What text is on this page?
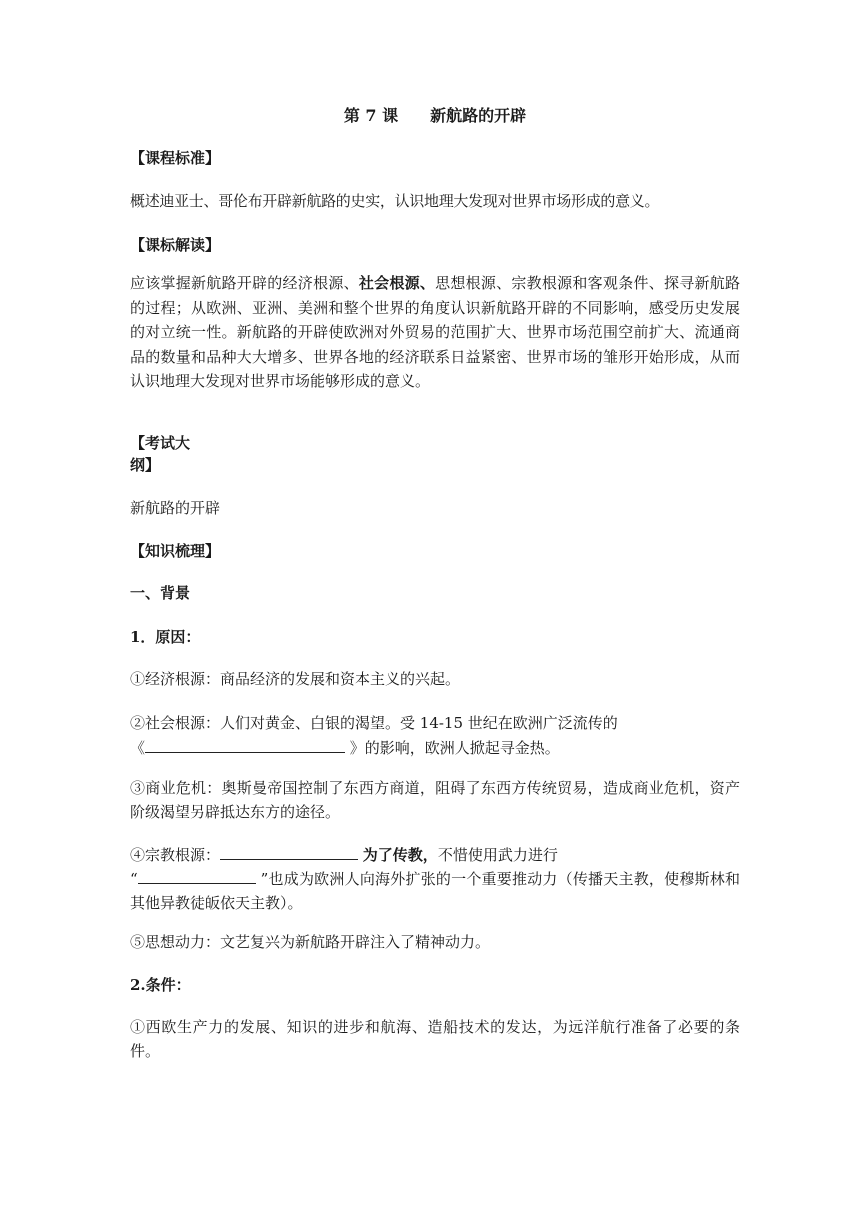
第 7 课　　新航路的开辟
【课程标准】
概述迪亚士、哥伦布开辟新航路的史实，认识地理大发现对世界市场形成的意义。
【课标解读】
应该掌握新航路开辟的经济根源、社会根源、思想根源、宗教根源和客观条件、探寻新航路的过程；从欧洲、亚洲、美洲和整个世界的角度认识新航路开辟的不同影响，感受历史发展的对立统一性。新航路的开辟使欧洲对外贸易的范围扩大、世界市场范围空前扩大、流通商品的数量和品种大大增多、世界各地的经济联系日益紧密、世界市场的雏形开始形成，从而认识地理大发现对世界市场能够形成的意义。
【考试大
纲】
新航路的开辟
【知识梳理】
一、背景
1．原因：
①经济根源：商品经济的发展和资本主义的兴起。
②社会根源：人们对黄金、白银的渴望。受 14-15 世纪在欧洲广泛流传的
《	》的影响，欧洲人掀起寻金热。
③商业危机：奥斯曼帝国控制了东西方商道，阻碍了东西方传统贸易，造成商业危机，资产阶级渴望另辟抵达东方的途径。
④宗教根源：	为了传教，不惜使用武力进行
“	”也成为欧洲人向海外扩张的一个重要推动力（传播天主教，使穆斯林和其他异教徒皈依天主教）。
⑤思想动力：文艺复兴为新航路开辟注入了精神动力。
2.条件：
①西欧生产力的发展、知识的进步和航海、造船技术的发达，为远洋航行准备了必要的条件。
